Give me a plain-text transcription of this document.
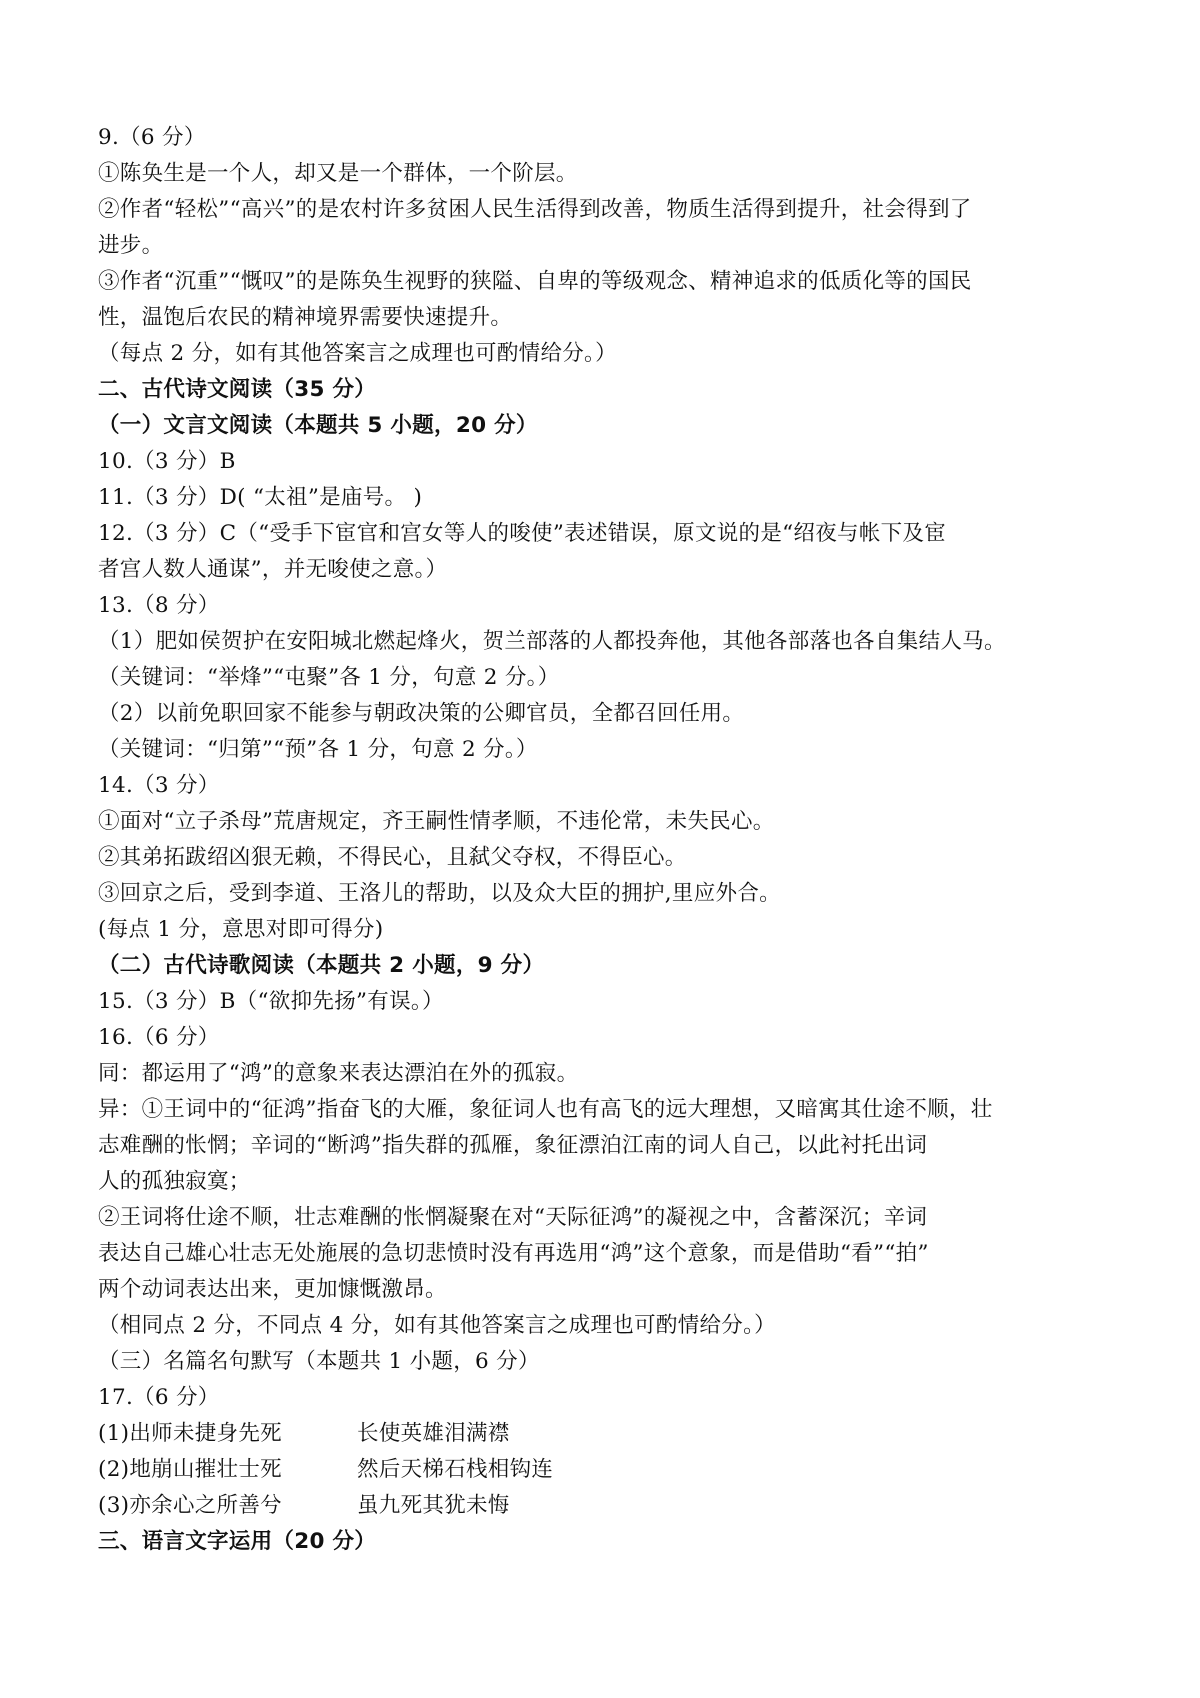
9.（6 分）
①陈奂生是一个人，却又是一个群体，一个阶层。
②作者“轻松”“高兴”的是农村许多贫困人民生活得到改善，物质生活得到提升，社会得到了
进步。
③作者“沉重”“慨叹”的是陈奂生视野的狭隘、自卑的等级观念、精神追求的低质化等的国民
性，温饱后农民的精神境界需要快速提升。
（每点 2 分，如有其他答案言之成理也可酌情给分。）
二、古代诗文阅读（35 分）
（一）文言文阅读（本题共 5 小题，20 分）
10.（3 分）B
11.（3 分）D( “太祖”是庙号。 )
12.（3 分）C（“受手下宦官和宫女等人的唆使”表述错误，原文说的是“绍夜与帐下及宦
者宫人数人通谋”，并无唆使之意。）
13.（8 分）
（1）肥如侯贺护在安阳城北燃起烽火，贺兰部落的人都投奔他，其他各部落也各自集结人马。
（关键词：“举烽”“屯聚”各 1 分，句意 2 分。）
（2）以前免职回家不能参与朝政决策的公卿官员，全都召回任用。
（关键词：“归第”“预”各 1 分，句意 2 分。）
14.（3 分）
①面对“立子杀母”荒唐规定，齐王嗣性情孝顺，不违伦常，未失民心。
②其弟拓跋绍凶狠无赖，不得民心，且弑父夺权，不得臣心。
③回京之后，受到李道、王洛儿的帮助，以及众大臣的拥护,里应外合。
(每点 1 分，意思对即可得分)
（二）古代诗歌阅读（本题共 2 小题，9 分）
15.（3 分）B（“欲抑先扬”有误。）
16.（6 分）
同：都运用了“鸿”的意象来表达漂泊在外的孤寂。
异：①王词中的“征鸿”指奋飞的大雁，象征词人也有高飞的远大理想，又暗寓其仕途不顺，壮
志难酬的怅惘；辛词的“断鸿”指失群的孤雁，象征漂泊江南的词人自己，以此衬托出词
人的孤独寂寞；
②王词将仕途不顺，壮志难酬的怅惘凝聚在对“天际征鸿”的凝视之中，含蓄深沉；辛词
表达自己雄心壮志无处施展的急切悲愤时没有再选用“鸿”这个意象，而是借助“看”“拍”
两个动词表达出来，更加慷慨激昂。
（相同点 2 分，不同点 4 分，如有其他答案言之成理也可酌情给分。）
（三）名篇名句默写（本题共 1 小题，6 分）
17.（6 分）
(1)出师未捷身先死	长使英雄泪满襟
(2)地崩山摧壮士死	然后天梯石栈相钩连
(3)亦余心之所善兮	虽九死其犹未悔
三、语言文字运用（20 分）
